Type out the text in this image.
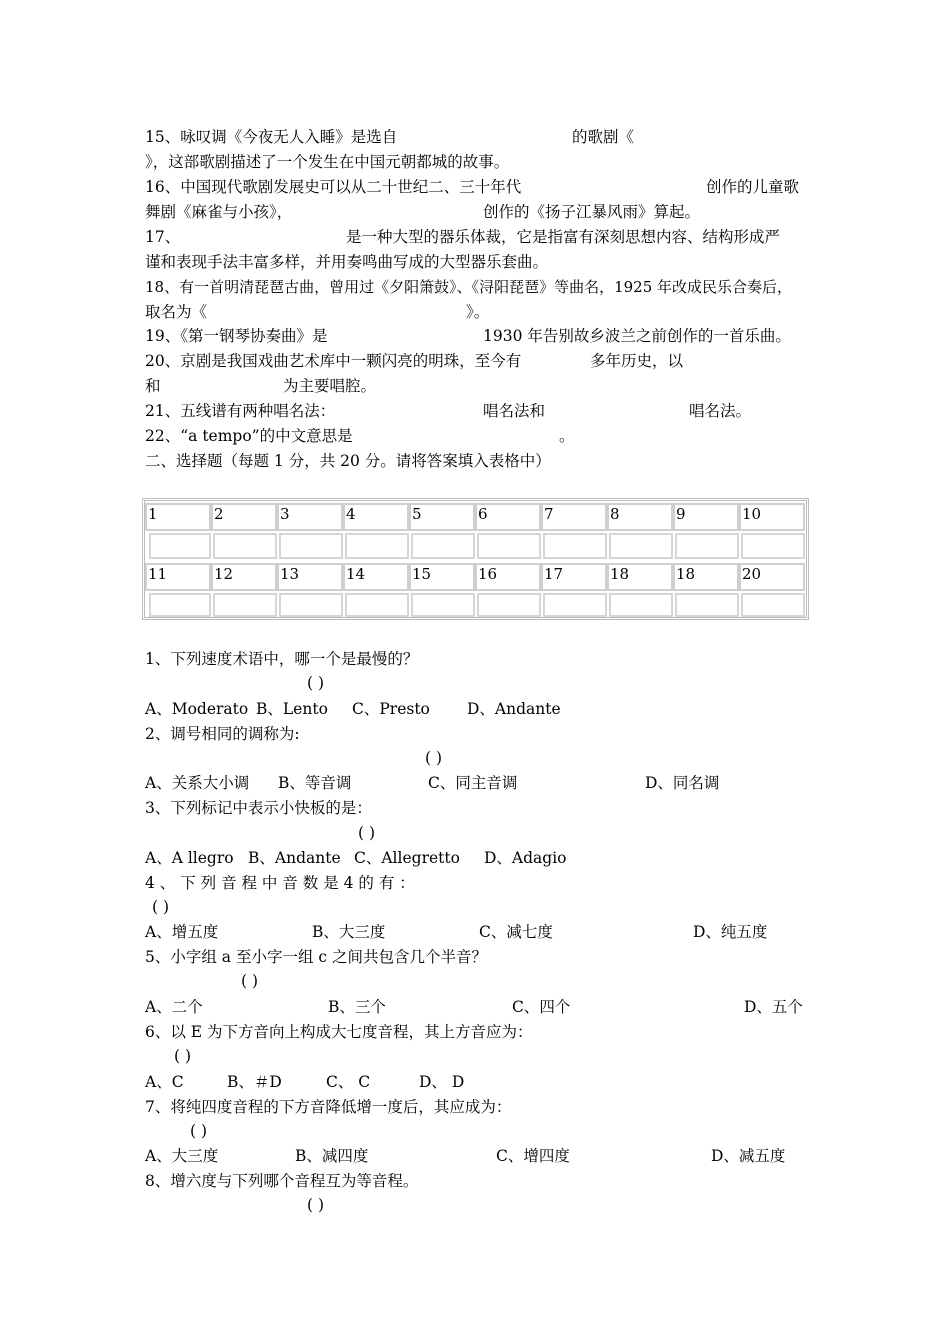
15、咏叹调《今夜无人入睡》是选自	的歌剧《
》，这部歌剧描述了一个发生在中国元朝都城的故事。
16、中国现代歌剧发展史可以从二十世纪二、三十年代	创作的儿童歌
舞剧《麻雀与小孩》，	创作的《扬子江暴风雨》算起。
17、	是一种大型的器乐体裁，它是指富有深刻思想内容、结构形成严
谨和表现手法丰富多样，并用奏鸣曲写成的大型器乐套曲。
18、有一首明清琵琶古曲，曾用过《夕阳箫鼓》、《浔阳琵琶》等曲名，1925 年改成民乐合奏后，
取名为《	》。
19、《第一钢琴协奏曲》是	1930 年告别故乡波兰之前创作的一首乐曲。
20、京剧是我国戏曲艺术库中一颗闪亮的明珠，至今有	多年历史，以
和	为主要唱腔。
21、五线谱有两种唱名法：	唱名法和	唱名法。
22、“a tempo”的中文意思是	。
二、选择题（每题 1 分，共 20 分。请将答案填入表格中）
1	2	3	4	5	6	7	8	9	10
11	12	13	14	15	16	17	18	18	20
1、下列速度术语中，哪一个是最慢的？
( )
A、Moderato B、Lento C、Presto D、Andante
2、调号相同的调称为:
( )
A、关系大小调 B、等音调	C、同主音调	D、同名调
3、下列标记中表示小快板的是：
( )
A、A llegro B、Andante C、Allegretto D、Adagio
4 、 下 列 音 程 中 音 数 是 4 的 有 ：
( )
A、增五度	B、大三度	C、减七度	D、纯五度
5、小字组 a 至小字一组 c 之间共包含几个半音？
( )
A、二个	B、三个	C、四个	D、五个
6、以 E 为下方音向上构成大七度音程，其上方音应为：
( )
A、C	B、＃D	C、 C	D、 D
7、将纯四度音程的下方音降低增一度后，其应成为：
( )
A、大三度	B、减四度	C、增四度	D、减五度
8、增六度与下列哪个音程互为等音程。
( )
